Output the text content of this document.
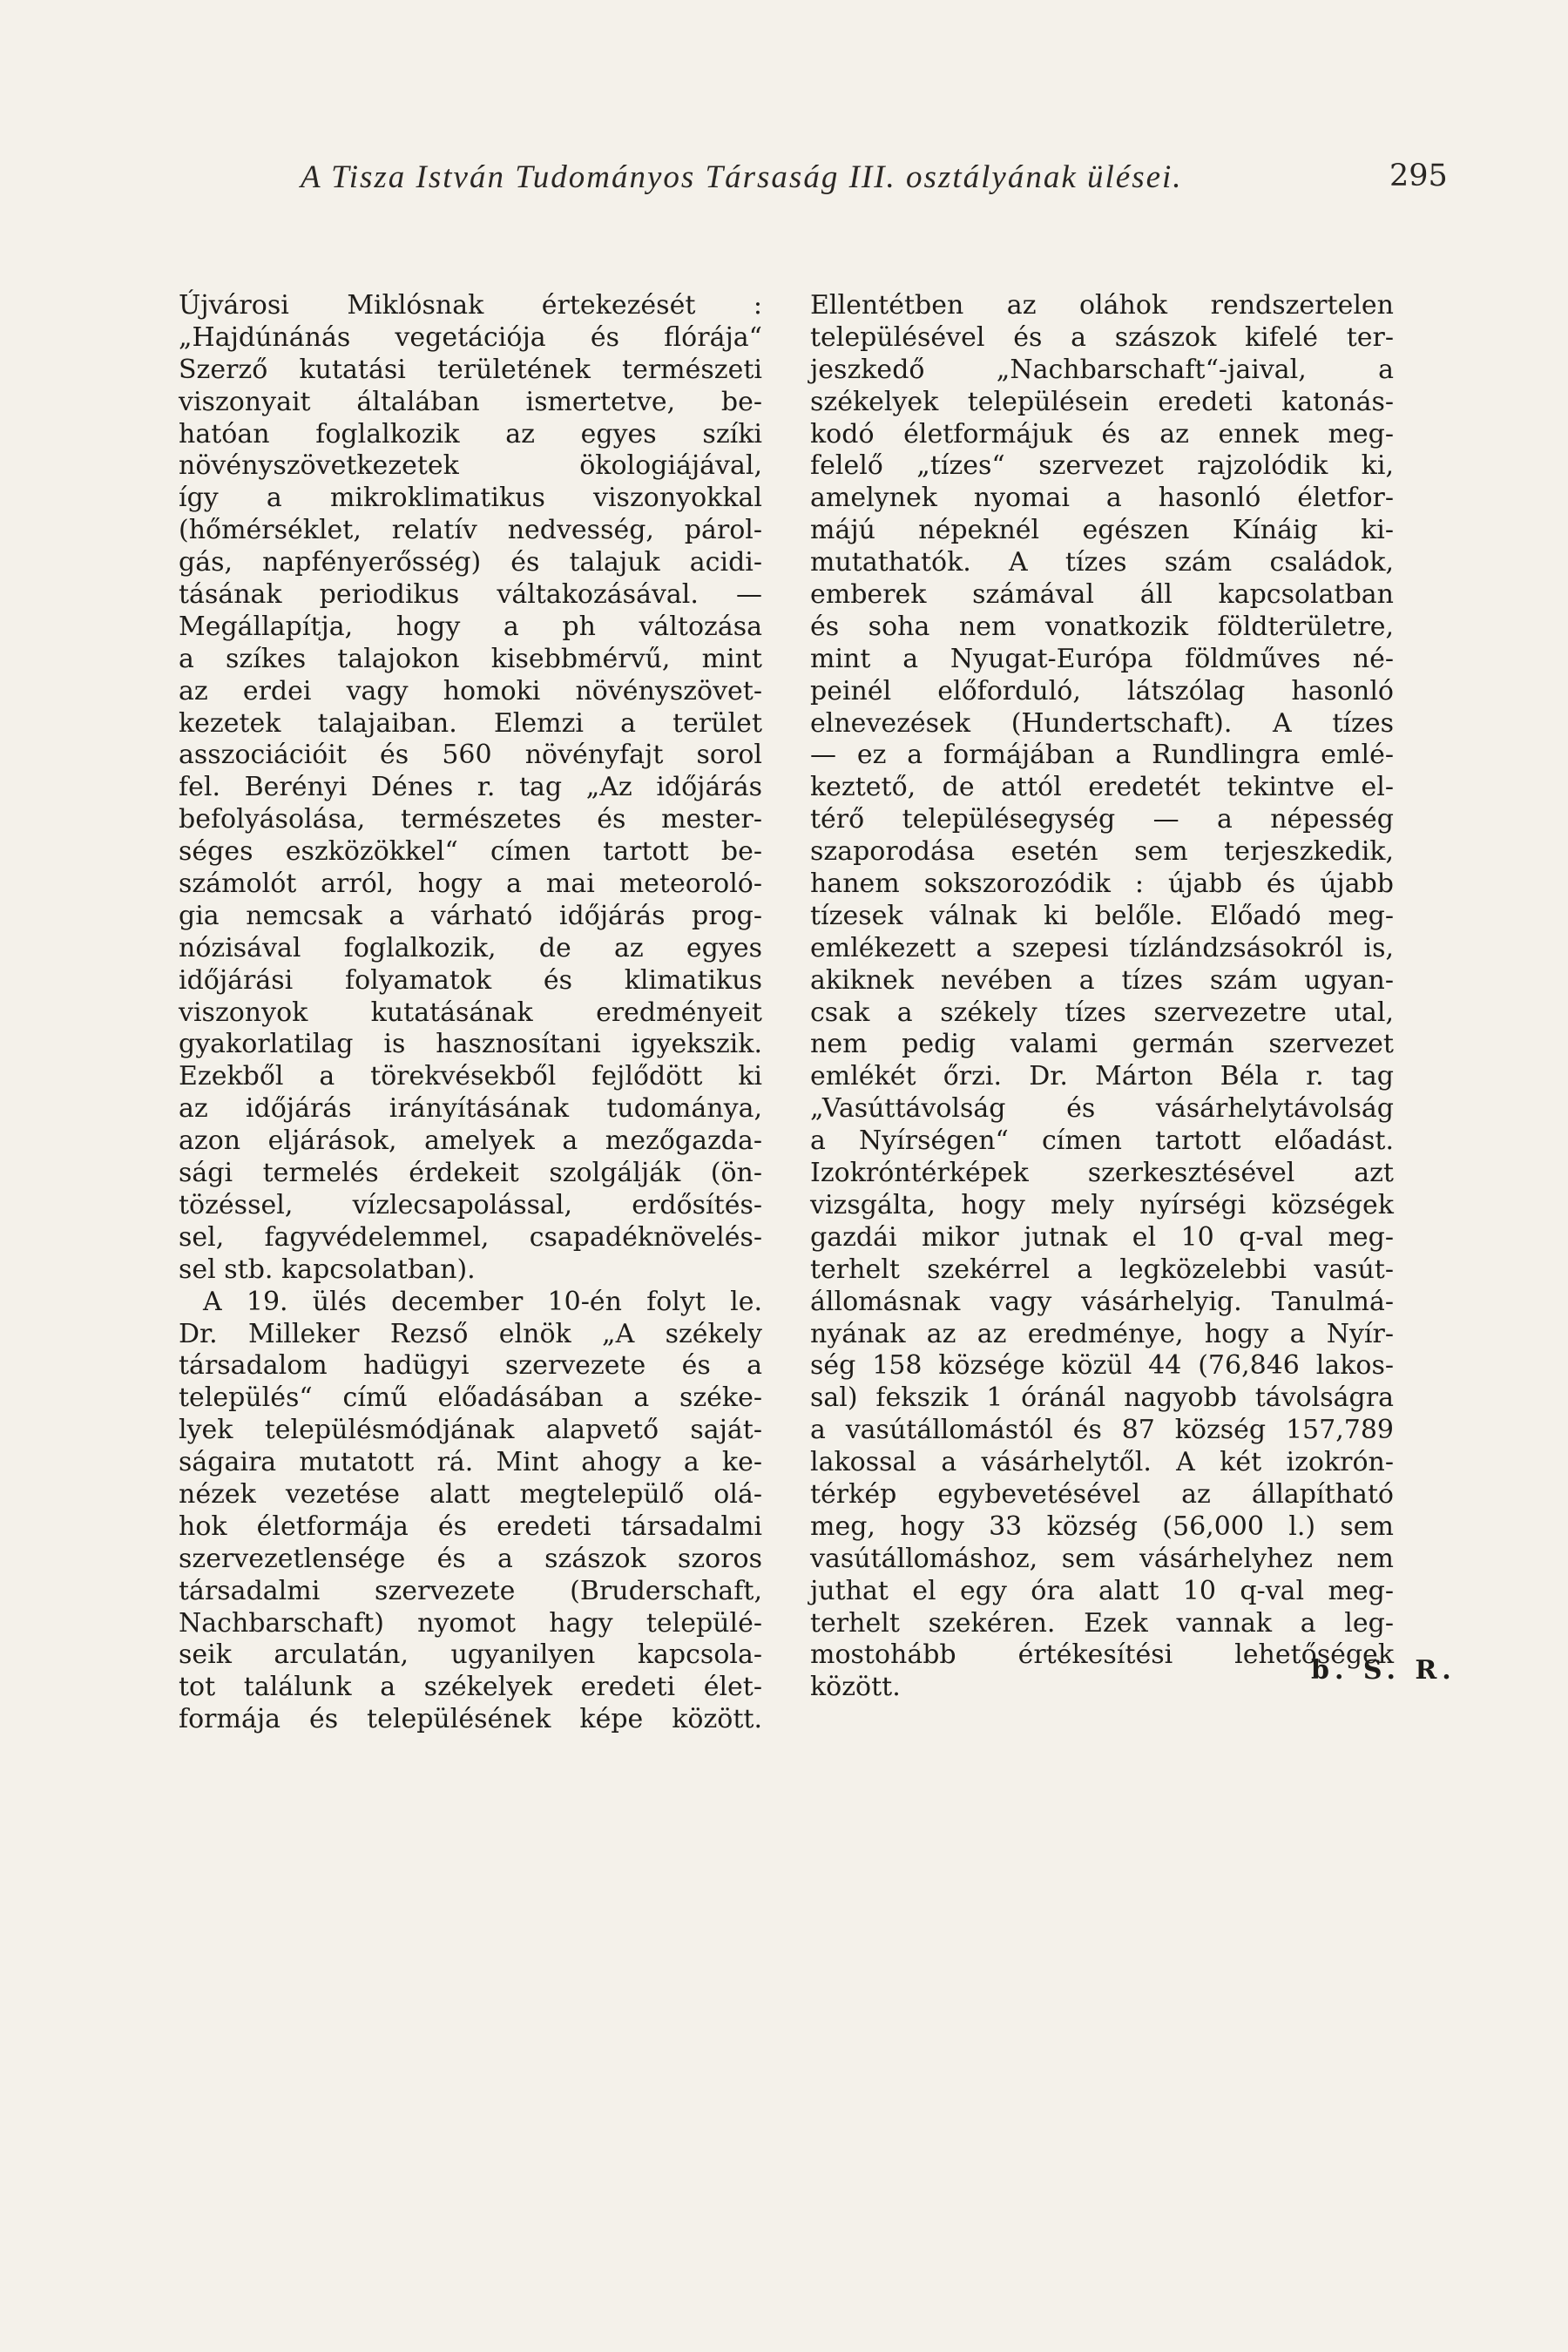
A Tisza István Tudományos Társaság III. osztályának ülései.	295
Újvárosi Miklósnak értekezését :
„Hajdúnánás vegetációja és flórája“
Szerző kutatási területének természeti
viszonyait általában ismertetve, be-
hatóan foglalkozik az egyes szíki
növényszövetkezetek ökologiájával,
így a mikroklimatikus viszonyokkal
(hőmérséklet, relatív nedvesség, párol-
gás, napfényerősség) és talajuk acidi-
tásának periodikus váltakozásával. —
Megállapítja, hogy a ph változása
a szíkes talajokon kisebbmérvű, mint
az erdei vagy homoki növényszövet-
kezetek talajaiban. Elemzi a terület
asszociációit és 560 növényfajt sorol
fel. Berényi Dénes r. tag „Az időjárás
befolyásolása, természetes és mester-
séges eszközökkel“ címen tartott be-
számolót arról, hogy a mai meteoroló-
gia nemcsak a várható időjárás prog-
nózisával foglalkozik, de az egyes
időjárási folyamatok és klimatikus
viszonyok kutatásának eredményeit
gyakorlatilag is hasznosítani igyekszik.
Ezekből a törekvésekből fejlődött ki
az időjárás irányításának tudománya,
azon eljárások, amelyek a mezőgazda-
sági termelés érdekeit szolgálják (ön-
tözéssel, vízlecsapolással, erdősítés-
sel, fagyvédelemmel, csapadéknövelés-
sel stb. kapcsolatban).
A 19. ülés december 10-én folyt le.
Dr. Milleker Rezső elnök „A székely
társadalom hadügyi szervezete és a
település“ című előadásában a széke-
lyek településmódjának alapvető saját-
ságaira mutatott rá. Mint ahogy a ke-
nézek vezetése alatt megtelepülő olá-
hok életformája és eredeti társadalmi
szervezetlensége és a szászok szoros
társadalmi szervezete (Bruderschaft,
Nachbarschaft) nyomot hagy települé-
seik arculatán, ugyanilyen kapcsola-
tot találunk a székelyek eredeti élet-
formája és településének képe között.
Ellentétben az oláhok rendszertelen
településével és a szászok kifelé ter-
jeszkedő „Nachbarschaft“-jaival, a
székelyek településein eredeti katonás-
kodó életformájuk és az ennek meg-
felelő „tízes“ szervezet rajzolódik ki,
amelynek nyomai a hasonló életfor-
májú népeknél egészen Kínáig ki-
mutathatók. A tízes szám családok,
emberek számával áll kapcsolatban
és soha nem vonatkozik földterületre,
mint a Nyugat-Európa földműves né-
peinél előforduló, látszólag hasonló
elnevezések (Hundertschaft). A tízes
— ez a formájában a Rundlingra emlé-
keztető, de attól eredetét tekintve el-
térő településegység — a népesség
szaporodása esetén sem terjeszkedik,
hanem sokszorozódik : újabb és újabb
tízesek válnak ki belőle. Előadó meg-
emlékezett a szepesi tízlándzsásokról is,
akiknek nevében a tízes szám ugyan-
csak a székely tízes szervezetre utal,
nem pedig valami germán szervezet
emlékét őrzi. Dr. Márton Béla r. tag
„Vasúttávolság és vásárhelytávolság
a Nyírségen“ címen tartott előadást.
Izokróntérképek szerkesztésével azt
vizsgálta, hogy mely nyírségi községek
gazdái mikor jutnak el 10 q-val meg-
terhelt szekérrel a legközelebbi vasút-
állomásnak vagy vásárhelyig. Tanulmá-
nyának az az eredménye, hogy a Nyír-
ség 158 községe közül 44 (76,846 lakos-
sal) fekszik 1 óránál nagyobb távolságra
a vasútállomástól és 87 község 157,789
lakossal a vásárhelytől. A két izokrón-
térkép egybevetésével az állapítható
meg, hogy 33 község (56,000 l.) sem
vasútállomáshoz, sem vásárhelyhez nem
juthat el egy óra alatt 10 q-val meg-
terhelt szekéren. Ezek vannak a leg-
mostohább értékesítési lehetőségek
között.
b. S. R.
